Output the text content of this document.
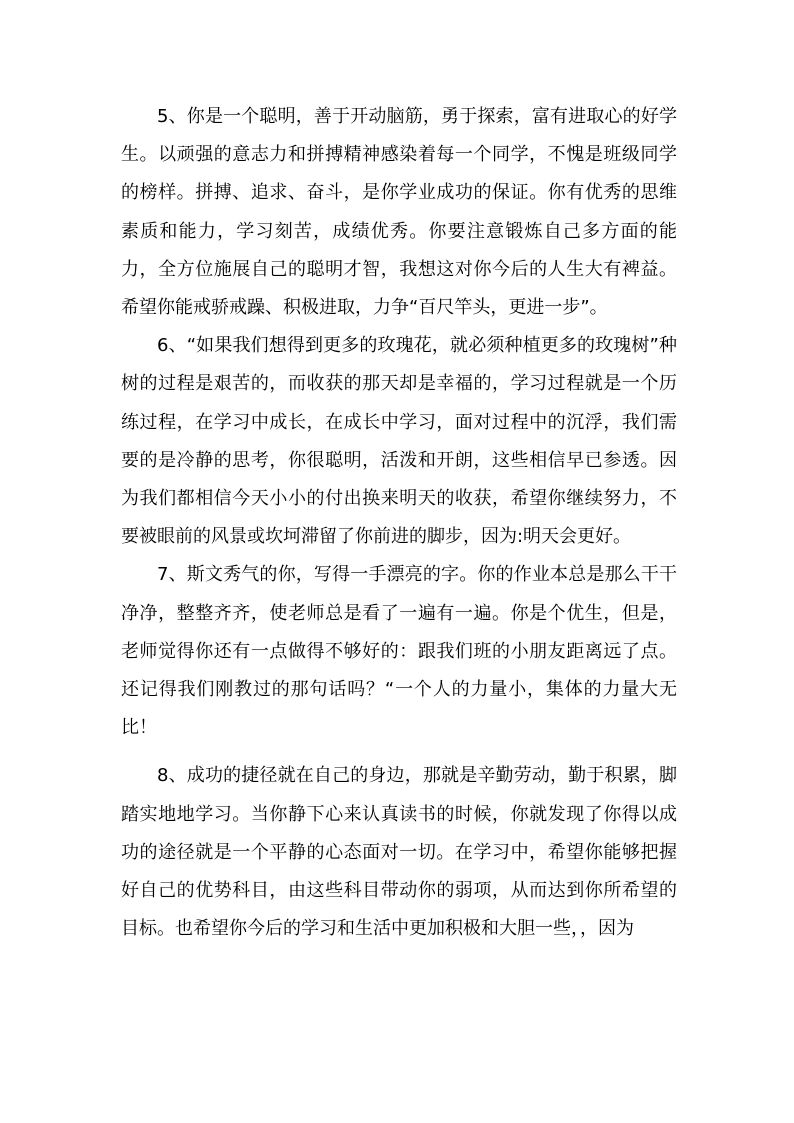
5、你是一个聪明，善于开动脑筋，勇于探索，富有进取心的好学生。以顽强的意志力和拼搏精神感染着每一个同学，不愧是班级同学的榜样。拼搏、追求、奋斗，是你学业成功的保证。你有优秀的思维素质和能力，学习刻苦，成绩优秀。你要注意锻炼自己多方面的能力，全方位施展自己的聪明才智，我想这对你今后的人生大有裨益。希望你能戒骄戒躁、积极进取，力争“百尺竿头，更进一步”。

6、“如果我们想得到更多的玫瑰花，就必须种植更多的玫瑰树”种树的过程是艰苦的，而收获的那天却是幸福的，学习过程就是一个历练过程，在学习中成长，在成长中学习，面对过程中的沉浮，我们需要的是冷静的思考，你很聪明，活泼和开朗，这些相信早已参透。因为我们都相信今天小小的付出换来明天的收获，希望你继续努力，不要被眼前的风景或坎坷滞留了你前进的脚步，因为:明天会更好。

7、斯文秀气的你，写得一手漂亮的字。你的作业本总是那么干干净净，整整齐齐，使老师总是看了一遍有一遍。你是个优生，但是，老师觉得你还有一点做得不够好的：跟我们班的小朋友距离远了点。还记得我们刚教过的那句话吗？“一个人的力量小，集体的力量大无比！

8、成功的捷径就在自己的身边，那就是辛勤劳动，勤于积累，脚踏实地地学习。当你静下心来认真读书的时候，你就发现了你得以成功的途径就是一个平静的心态面对一切。在学习中，希望你能够把握好自己的优势科目，由这些科目带动你的弱项，从而达到你所希望的目标。也希望你今后的学习和生活中更加积极和大胆一些，，因为
